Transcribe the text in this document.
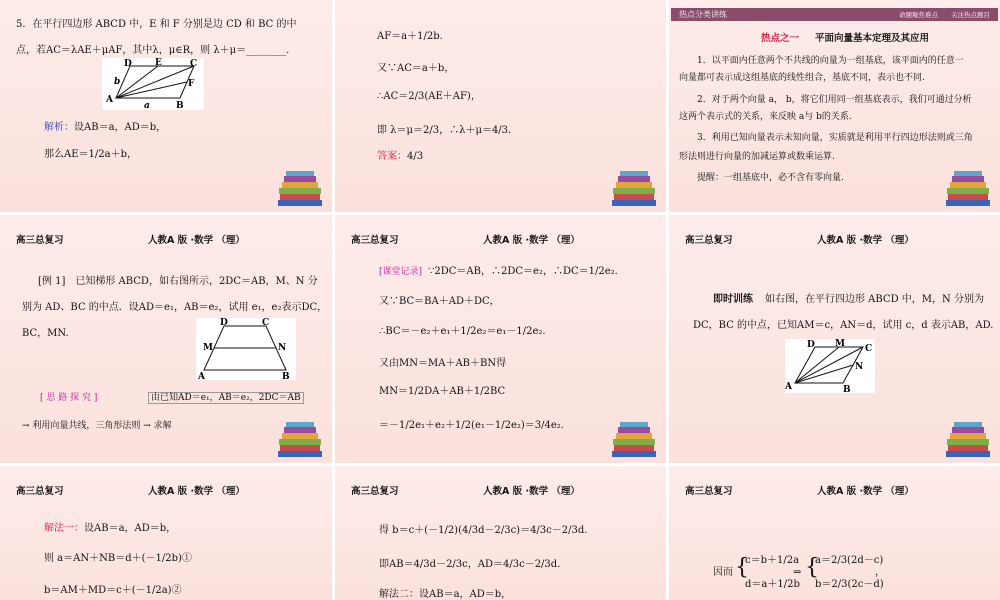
5．在平行四边形 ABCD 中，E 和 F 分别是边 CD 和 BC 的中
点，若AC＝λAE＋μAF，其中λ，μ∈R，则 λ＋μ＝________．
A
B
C
D	E
F
a
b
解析：设AB＝a，AD＝b，
那么AE＝1/2a＋b，
AF＝a＋1/2b.
又∵AC＝a＋b，
∴AC＝2/3(AE＋AF)，
即 λ＝μ＝2/3，∴λ＋μ＝4/3.
答案：4/3
热点分类讲练	命题聚焦难点　　关注热点题目
热点之一 平面向量基本定理及其应用
1．以平面内任意两个不共线的向量为一组基底，该平面内的任意一
向量都可表示成这组基底的线性组合，基底不同，表示也不同.
2．对于两个向量 a， b，将它们用同一组基底表示，我们可通过分析
这两个表示式的关系，来反映 a与 b的关系.
3．利用已知向量表示未知向量，实质就是利用平行四边形法则或三角
形法则进行向量的加减运算或数乘运算.
提醒：一组基底中，必不含有零向量.
高三总复习	人教A 版 ·数学 （理）
[例 1]　已知梯形 ABCD，如右图所示，2DC＝AB，M、N 分
别为 AD、BC 的中点．设AD＝e₁，AB＝e₂，试用 e₁，e₂表示DC，
BC，MN.
D	C
M	N
A	B
[ 思 路 探 究 ]	由已知AD＝e₁，AB＝e₂，2DC＝AB
→ 利用向量共线，三角形法则 → 求解
高三总复习	人教A 版 ·数学 （理）
[课堂记录] ∵2DC＝AB，∴2DC＝e₂，∴DC＝1/2e₂.
又∵BC＝BA＋AD＋DC，
∴BC＝－e₂＋e₁＋1/2e₂＝e₁－1/2e₂.
又由MN＝MA＋AB＋BN得
MN＝1/2DA＋AB＋1/2BC
＝－1/2e₁＋e₂＋1/2(e₁－1/2e₂)＝3/4e₂.
高三总复习	人教A 版 ·数学 （理）
即时训练 如右图，在平行四边形 ABCD 中，M，N 分别为
DC，BC 的中点，已知AM＝c，AN＝d，试用 c，d 表示AB，AD.
D M C
N
A	B
高三总复习	人教A 版 ·数学 （理）
解法一：设AB＝a，AD＝b，
则 a＝AN＋NB＝d＋(－1/2b)①
b＝AM＋MD＝c＋(－1/2a)②
高三总复习	人教A 版 ·数学 （理）
得 b＝c＋(－1/2)(4/3d－2/3c)＝4/3c－2/3d.
即AB＝4/3d－2/3c，AD＝4/3c－2/3d.
解法二：设AB＝a，AD＝b，
高三总复习	人教A 版 ·数学 （理）
因而 {
c＝b＋1/2a
d＝a＋1/2b
⇒ {
a＝2/3(2d－c)
b＝2/3(2c－d)
，
